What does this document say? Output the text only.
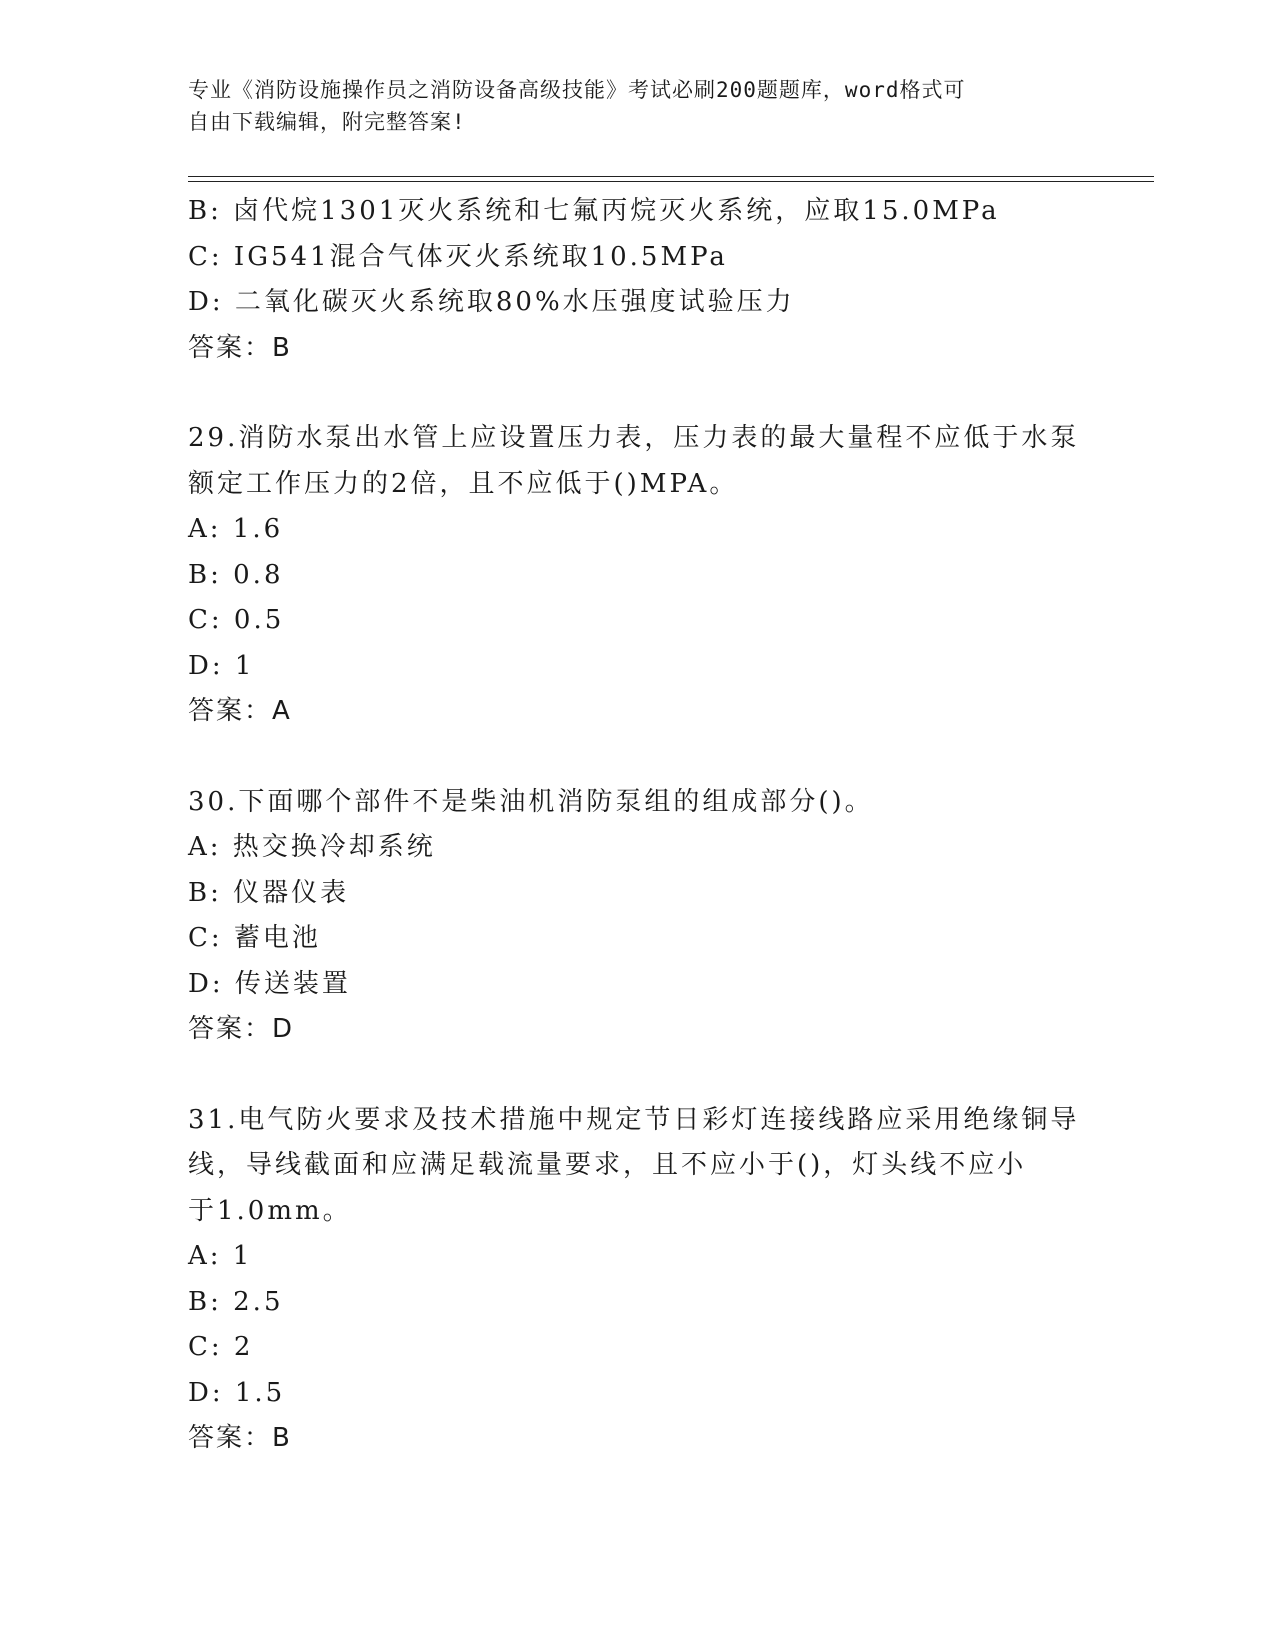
专业《消防设施操作员之消防设备高级技能》考试必刷200题题库，word格式可
自由下载编辑，附完整答案!
B: 卤代烷1301灭火系统和七氟丙烷灭火系统，应取15.0MPa
C: IG541混合气体灭火系统取10.5MPa
D: 二氧化碳灭火系统取80%水压强度试验压力
答案：B
29.消防水泵出水管上应设置压力表，压力表的最大量程不应低于水泵
额定工作压力的2倍，且不应低于()MPA。
A: 1.6
B: 0.8
C: 0.5
D: 1
答案：A
30.下面哪个部件不是柴油机消防泵组的组成部分()。
A: 热交换冷却系统
B: 仪器仪表
C: 蓄电池
D: 传送装置
答案：D
31.电气防火要求及技术措施中规定节日彩灯连接线路应采用绝缘铜导
线，导线截面和应满足载流量要求，且不应小于()，灯头线不应小
于1.0mm。
A: 1
B: 2.5
C: 2
D: 1.5
答案：B
